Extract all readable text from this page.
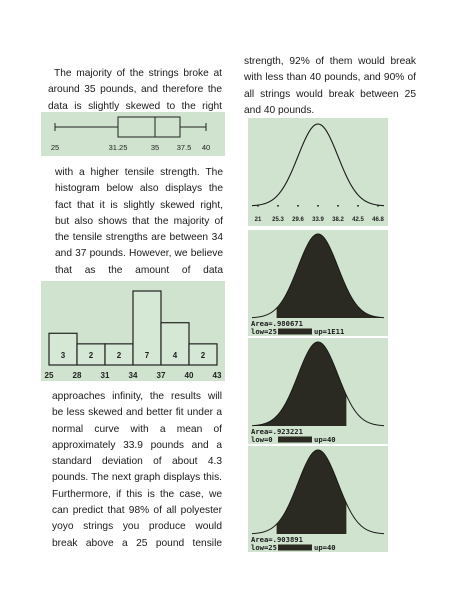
The majority of the strings broke at
around 35 pounds, and therefore the
data is slightly skewed to the right
25	31.25	35 37.5 40
with a higher tensile strength. The
histogram below also displays the
fact that it is slightly skewed right,
but also shows that the majority of
the tensile strengths are between 34
and 37 pounds. However, we believe
that as the amount of data
3	2	2	7	4	2
25 28 31 34 37 40 43
approaches infinity, the results will
be less skewed and better fit under a
normal curve with a mean of
approximately 33.9 pounds and a
standard deviation of about 4.3
pounds. The next graph displays this.
Furthermore, if this is the case, we
can predict that 98% of all polyester
yoyo strings you produce would
break above a 25 pound tensile
strength, 92% of them would break
with less than 40 pounds, and 90% of
all strings would break between 25
and 40 pounds.
21 25.3 29.6 33.9 38.2 42.5 46.8
Area=.980671
low=25	up=1E11
Area=.923221
low=0	up=40
Area=.903891
low=25	up=40
